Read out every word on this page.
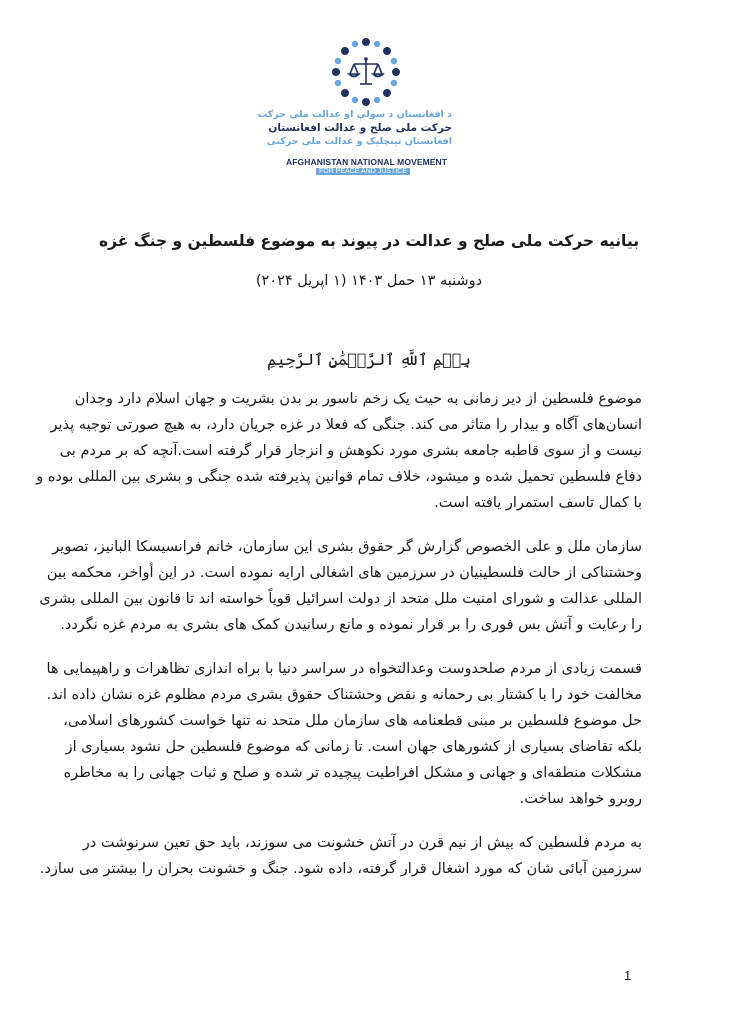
د افغانستان د سولې او عدالت ملي حرکت
حرکت ملی صلح و عدالت افغانستان
افغانستان تینچلیک و عدالت ملی حرکتی
AFGHANISTAN NATIONAL MOVEMENT
FOR PEACE AND JUSTICE
بیانیه حرکت ملی صلح و عدالت در پیوند به موضوع فلسطین و جنگ غزه
دوشنبه ۱۳ حمل ۱۴۰۳ (۱ اپریل ۲۰۲۴)
بِسۡمِ ٱللَّهِ ٱلرَّحۡمَٰنِ ٱلرَّحِيمِ
موضوع فلسطین از دیر زمانی به حیث یک زخم ناسور بر بدن بشریت و جهان اسلام دارد وجدان
انسان‌های آگاه و بیدار را متاثر می کند. جنگی که فعلا در غزه جریان دارد، به هیچ صورتی توجیه پذیر
نیست و از سوی قاطبه جامعه بشری مورد نکوهش و انزجار قرار گرفته است.آنچه که بر مردم بی
دفاع فلسطین تحمیل شده و میشود، خلاف تمام قوانین پذیرفته شده جنگی و بشری بین المللی بوده و
با کمال تاسف استمرار یافته است.
سازمان ملل و علی الخصوص گزارش گر حقوق بشری این سازمان، خانم فرانسیسکا البانیز، تصویر
وحشتناکی از حالت فلسطینیان در سرزمین های اشغالی ارایه نموده است. در این أواخر، محکمه بین
المللی عدالت و شورای امنیت ملل متحد از دولت اسرائیل قویاً خواسته اند تا قانون بین المللی بشری
را رعایت و آتش بس فوری را بر قرار نموده و مانع رسانیدن کمک های بشری به مردم غزه نگردد.
قسمت زیادی از مردم صلحدوست وعدالتخواه در سراسر دنیا با براه اندازی تظاهرات و راهپیمایی ها
مخالفت خود را با کشتار بی رحمانه و نقض وحشتناک حقوق بشری مردم مظلوم غزه نشان داده اند.
حل موضوع فلسطین بر مبنی قطعنامه های سازمان ملل متحد نه تنها خواست کشورهای اسلامی،
بلکه تقاضای بسیاری از کشورهای جهان است. تا زمانی که موضوع فلسطین حل نشود بسیاری از
مشکلات منطقه‌ای و جهانی و مشکل افراطیت پیچیده تر شده و صلح و ثبات جهانی را به مخاطره
روبرو خواهد ساخت.
به مردم فلسطین که بیش از نیم قرن در آتش خشونت می سوزند، باید حق تعین سرنوشت در
سرزمین آبائی شان که مورد اشغال قرار گرفته، داده شود. جنگ و خشونت بحران را بیشتر می سازد.
1
